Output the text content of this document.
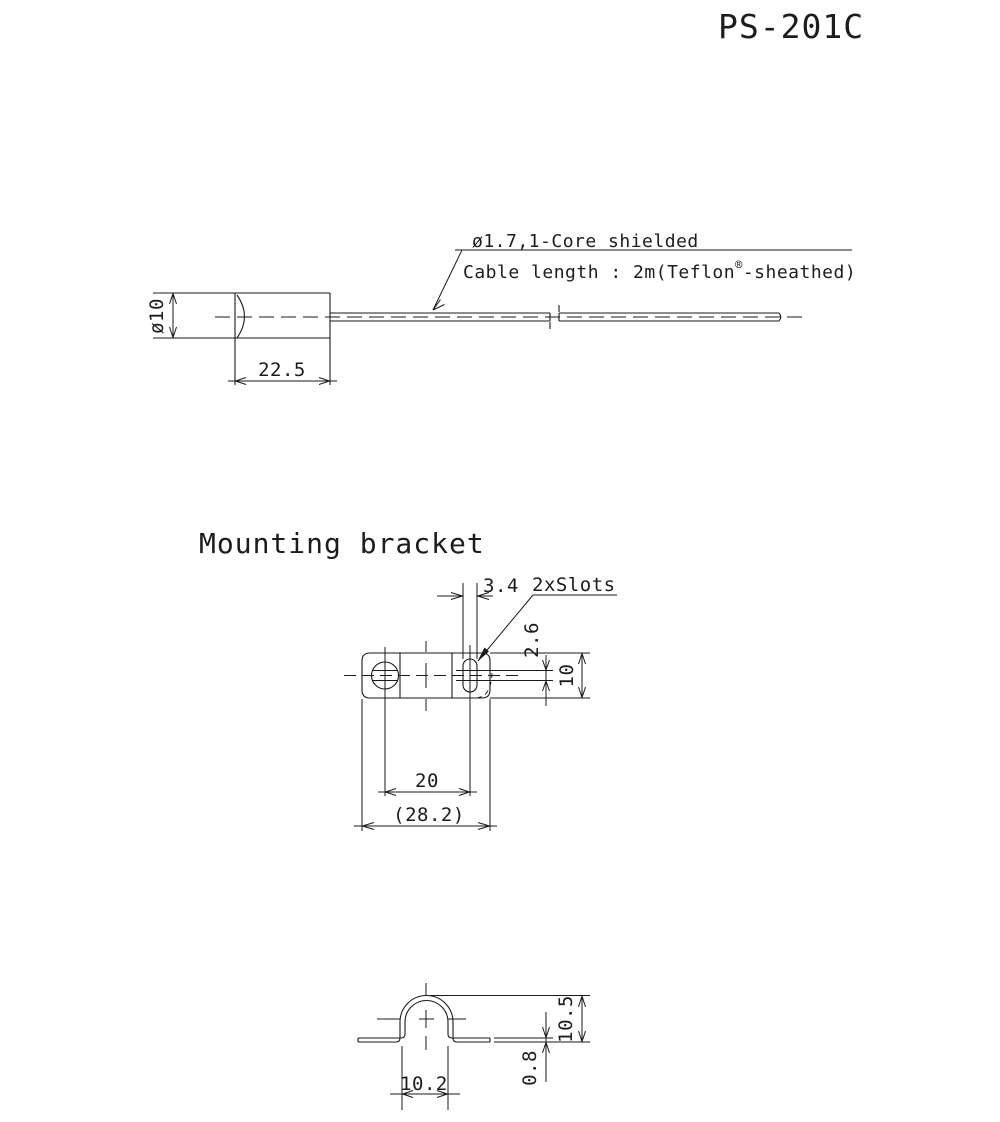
PS-201C
ø10
22.5
ø1.7,1-Core shielded
Cable length : 2m(Teflon®-sheathed)
Mounting bracket
3.4 2xSlots
2.6
10
20
(28.2)
10.5
0.8
10.2
